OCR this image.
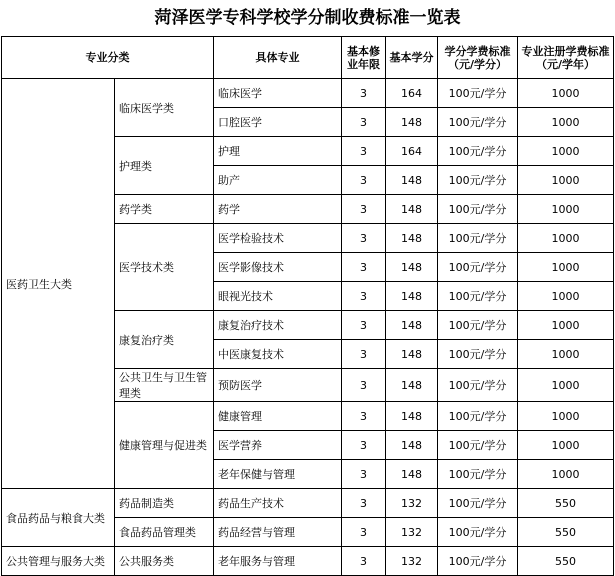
菏泽医学专科学校学分制收费标准一览表
专业分类		具体专业	基本修业年限	基本学分	学分学费标准（元/学分）	专业注册学费标准（元/学年）
医药卫生大类	临床医学类	临床医学	3	164	100元/学分	1000
		口腔医学	3	148	100元/学分	1000
	护理类	护理	3	164	100元/学分	1000
		助产	3	148	100元/学分	1000
	药学类	药学	3	148	100元/学分	1000
	医学技术类	医学检验技术	3	148	100元/学分	1000
		医学影像技术	3	148	100元/学分	1000
		眼视光技术	3	148	100元/学分	1000
	康复治疗类	康复治疗技术	3	148	100元/学分	1000
		中医康复技术	3	148	100元/学分	1000
	公共卫生与卫生管理类	预防医学	3	148	100元/学分	1000
	健康管理与促进类	健康管理	3	148	100元/学分	1000
		医学营养	3	148	100元/学分	1000
		老年保健与管理	3	148	100元/学分	1000
食品药品与粮食大类	药品制造类	药品生产技术	3	132	100元/学分	550
	食品药品管理类	药品经营与管理	3	132	100元/学分	550
公共管理与服务大类	公共服务类	老年服务与管理	3	132	100元/学分	550
